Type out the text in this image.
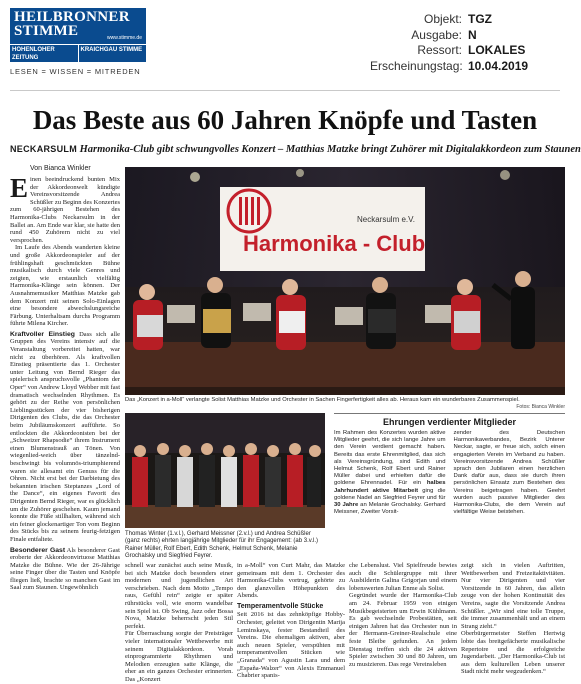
HEILBRONNER
STIMME	www.stimme.de
HOHENLOHER ZEITUNG
KRAICHGAU STIMME
LESEN = WISSEN = MITREDEN
Objekt: TGZ
Ausgabe: N
Ressort: LOKALES
Erscheinungstag: 10.04.2019
Das Beste aus 60 Jahren Knöpfe und Tasten
NECKARSULM Harmonika-Club gibt schwungvolles Konzert – Matthias Matzke bringt Zuhörer mit Digitalakkordeon zum Staunen
Von Bianca Winkler

Einen beeindruckend bunten Mix der Akkordeonwelt kündigte Vereinsvorsitzende Andrea Schüßler zu Beginn des Konzertes zum 60-jährigen Bestehen des Harmonika-Clubs Neckarsulm in der Ballei an. Am Ende war klar, sie hatte den rund 450 Zuhörern nicht zu viel versprochen.

Im Laufe des Abends wanderten kleine und große Akkordeonspieler auf der frühlingshaft geschmückten Bühne musikalisch durch viele Genres und zeigten, wie erstaunlich vielfältig Harmonika-Klänge sein können. Der Ausnahmemusiker Matthias Matzke gab dem Konzert mit seinen Solo-Einlagen eine besondere abwechslungsreiche Färbung. Unterhaltsam durchs Programm führte Milena Kircher.

Kraftvoller Einstieg Dass sich alle Gruppen des Vereins intensiv auf die Veranstaltung vorbereitet hatten, war nicht zu überhören. Als kraftvollen Einstieg präsentierte das 1. Orchester unter Leitung von Bernd Rieger das spielerisch anspruchsvolle „Phantom der Oper“ von Andrew Lloyd Webber mit fast dramatisch wechselnden Rhythmen. Es gehört zu der Reihe von persönlichen Lieblingsstücken der vier bisherigen Dirigenten des Clubs, die das Orchester beim Jubiläumskonzert aufführte. So entlockten die Akkordeonisten bei der „Schweizer Rhapsodie“ ihrem Instrument einen Blumenstrauß an Tönen. Von wiegenlied-weich über tänzelnd-beschwingt bis volumnös-triumphierend waren sie allesamt ein Genuss für die Ohren. Nicht erst bei der Darbietung des bekannten irischen Steptanzes „Lord of the Dance“, ein eigenes Favorit des Dirigenten Bernd Rieger, war es glücklich um die Zuhörer geschehen. Kaum jemand konnte die Füße stillhalten, während sich ein feiner glockenartiger Ton vom Beginn des Stücks bis zu seinem feurig-fetzigen Finale entfaltete.

Besonderer Gast Als besonderer Gast eroberte der Akkordeonvirtuose Matthias Matzke die Bühne. Wie der 26-Jährige seine Finger über die Tasten und Knöpfe fliegen ließ, brachte so manchen Gast im Saal zum Staunen. Ungewöhnlich

Neckarsulm e.V.
Harmonika - Club
Das „Konzert in a-Moll“ verlangte Solist Matthias Matzke und Orchester in Sachen Fingerfertigkeit alles ab. Heraus kam ein wunderbares Zusammenspiel.
Fotos: Bianca Winkler
Thomas Winter (1.v.l.), Gerhard Meissner (2.v.l.) und Andrea Schüßler (ganz rechts) ehrten langjährige Mitglieder für ihr Engagement: (ab 3.v.l.) Rainer Müller, Rolf Ebert, Edith Schenk, Helmut Schenk, Melanie Grochalsky und Siegfried Feyrer.
Ehrungen verdienter Mitglieder
Im Rahmen des Konzertes wurden aktive Mitglieder geehrt, die sich lange Jahre um den Verein verdient gemacht haben. Bereits das erste Ehrenmitglied, das sich als Vereinsgründung, sind Edith und Helmut Schenk, Rolf Ebert und Rainer Müller dabei und erhielten dafür die goldene Ehrennadel. Für ein halbes Jahrhundert aktive Mitarbeit ging die goldene Nadel an Siegfried Feyrer und für 30 Jahre an Melanie Grochalsky. Gerhard Meissner, Zweiter Vorsit-
zender des Deutschen Harmonikaverbandes, Bezirk Unterer Neckar, sagte, er freue sich, solch einen engagierten Verein im Verband zu haben. Vereinsvorsitzende Andrea Schüßler sprach den Jubilaren einen herzlichen Dank dafür aus, dass sie durch ihren persönlichen Einsatz zum Bestehen des Vereins beigetragen haben. Geehrt wurden auch passive Mitglieder des Harmonika-Clubs, die dem Verein auf vielfältige Weise beistehen.

schnell war zunächst auch seine Musik, bei sich Matzke doch besonders einer modernen und jugendlichen Art verschrieben. Nach dem Motto „Tempo raus, Gefühl rein“ zeigte er später rührstücks voll, wie enorm wandelbar sein Spiel ist. Ob Swing, Jazz oder Bossa Nova, Matzke beherrscht jeden Stil perfekt.
Für Überraschung sorgte der Preisträger vieler internationaler Wettbewerbe mit seinem Digitalakkordeon. Vorab einprogrammierte Rhythmen und Melodien erzeugten satte Klänge, die eher an ein ganzes Orchester erinnerten. Das „Konzert

in a-Moll“ von Curt Mahr, das Matzke gemeinsam mit dem 1. Orchester des Harmonika-Clubs vortrug, gehörte zu den glanzvollen Höhepunkten des Abends.

Temperamentvolle Stücke

Seit 2016 ist das zehnköpfige Hobby-Orchester, geleitet von Dirigentin Marija Leminskaya, fester Bestandteil des Vereins. Die ehemaligen aktiven, aber auch neuen Spieler, verspühten mit temperamentvollen Stücken wie „Granada“ von Agustin Lara und dem „España-Walzer“ von Alexis Emmanuel Chabrier spanis-

che Lebenslust. Viel Spielfreude bewies auch die Schülergruppe mit ihrer Ausbilderin Galina Grigorjan und einem lobenswerten Julian Enme als Solist.
Gegründet wurde der Harmonika-Club am 24. Februar 1959 von einigen Musikbegeisterten um Erwin Kühlmann. Es gab wechselnde Probestätten, seit einigen Jahren hat das Orchester nun in der Hermann-Greiner-Realschule eine feste Bleibe gefunden. An jedem Dienstag treffen sich die 24 aktiven Spieler zwischen 30 und 80 Jahren, um zu musizieren. Das rege Vereinsleben

zeigt sich in vielen Auftritten, Wettbewerben und Freizeitaktivitäten. Nur vier Dirigenten und vier Vorsitzende in 60 Jahren, das allein zeuge von der hohen Kontinuität des Vereins, sagte die Vorsitzende Andrea Schüßler. „Wir sind eine tolle Truppe, die immer zusammenhält und an einem Strang zieht.“
Oberbürgermeister Steffen Hertwig lobte das breitgefächerte musikalische Repertoire und die erfolgreiche Jugendarbeit. „Der Harmonika-Club ist aus dem kulturellen Leben unserer Stadt nicht mehr wegzudenken.“
